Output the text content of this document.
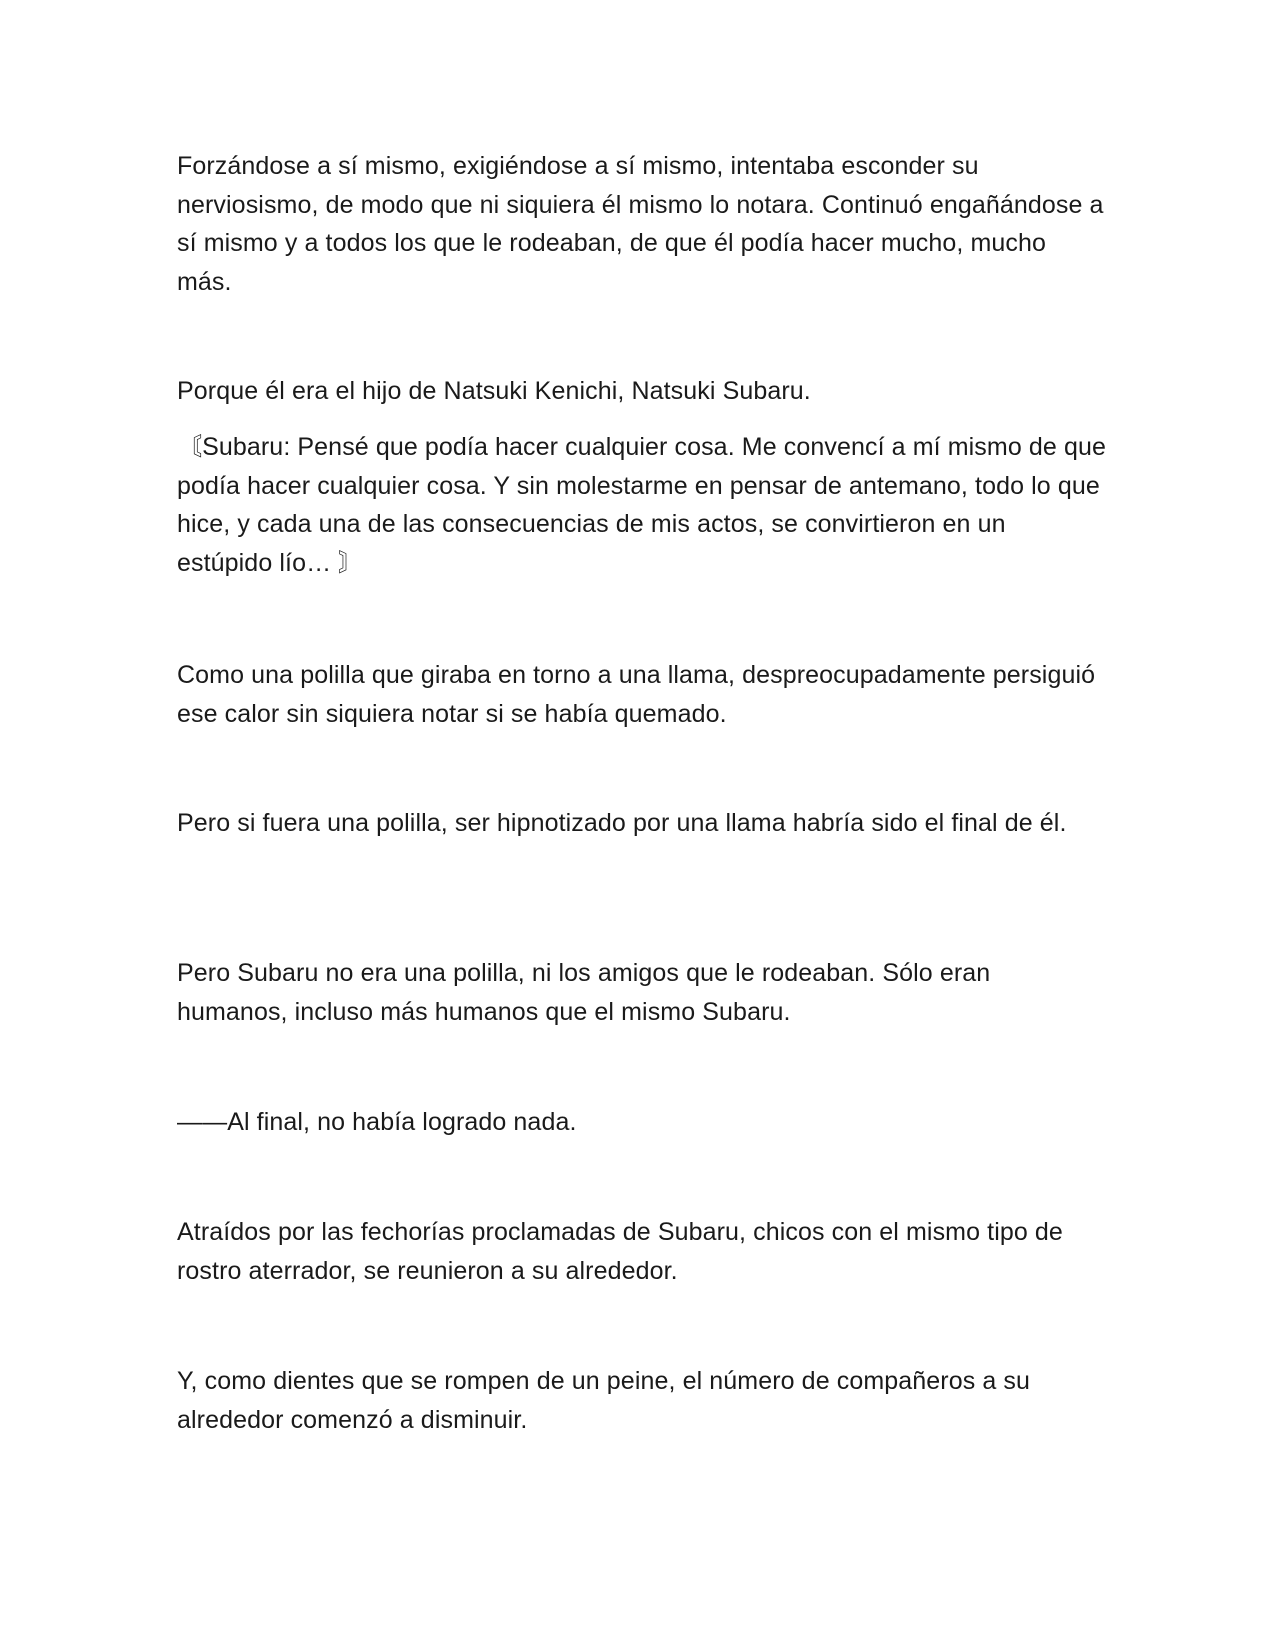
Forzándose a sí mismo, exigiéndose a sí mismo, intentaba esconder su nerviosismo, de modo que ni siquiera él mismo lo notara. Continuó engañándose a sí mismo y a todos los que le rodeaban, de que él podía hacer mucho, mucho más.

Porque él era el hijo de Natsuki Kenichi, Natsuki Subaru.

〘Subaru: Pensé que podía hacer cualquier cosa. Me convencí a mí mismo de que podía hacer cualquier cosa. Y sin molestarme en pensar de antemano, todo lo que hice, y cada una de las consecuencias de mis actos, se convirtieron en un estúpido lío… 〙

Como una polilla que giraba en torno a una llama, despreocupadamente persiguió ese calor sin siquiera notar si se había quemado.

Pero si fuera una polilla, ser hipnotizado por una llama habría sido el final de él.

Pero Subaru no era una polilla, ni los amigos que le rodeaban. Sólo eran humanos, incluso más humanos que el mismo Subaru.

――Al final, no había logrado nada.

Atraídos por las fechorías proclamadas de Subaru, chicos con el mismo tipo de rostro aterrador, se reunieron a su alrededor.

Y, como dientes que se rompen de un peine, el número de compañeros a su alrededor comenzó a disminuir.
